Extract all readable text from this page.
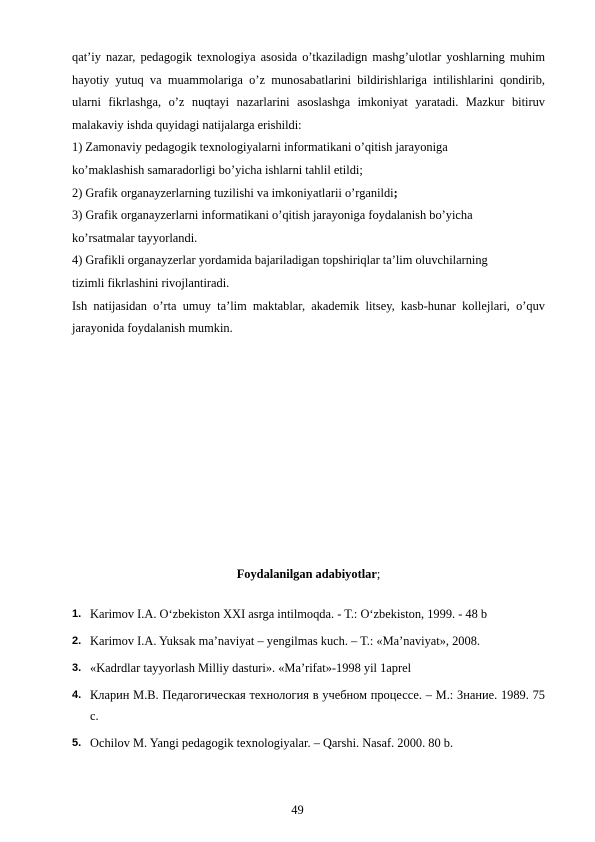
qat’iy nazar, pedagogik texnologiya asosida o’tkaziladign mashg’ulotlar yoshlarning muhim hayotiy yutuq va muammolariga o’z munosabatlarini bildirishlariga intilishlarini qondirib, ularni fikrlashga, o’z nuqtayi nazarlarini asoslashga imkoniyat yaratadi. Mazkur bitiruv malakaviy ishda quyidagi natijalarga erishildi:

1) Zamonaviy pedagogik texnologiyalarni informatikani o’qitish jarayoniga

ko’maklashish samaradorligi bo’yicha ishlarni tahlil etildi;

2) Grafik organayzerlarning tuzilishi va imkoniyatlarii o’rganildi;

3) Grafik organayzerlarni informatikani o’qitish jarayoniga foydalanish bo’yicha

ko’rsatmalar tayyorlandi.

4) Grafikli organayzerlar yordamida bajariladigan topshiriqlar ta’lim oluvchilarning

tizimli fikrlashini rivojlantiradi.

Ish natijasidan o’rta umuy ta’lim maktablar, akademik litsey, kasb-hunar kollejlari, o’quv jarayonida foydalanish mumkin.

Foydalanilgan adabiyotlar;

1. Karimov I.A. O‘zbekiston XXI asrga intilmoqda. - T.: O‘zbekiston, 1999. - 48 b
2. Karimov I.A. Yuksak ma’naviyat – yengilmas kuch. – T.: «Ma’naviyat», 2008.
3. «Kadrdlar tayyorlash Milliy dasturi». «Ma’rifat»-1998 yil 1aprel
4. Кларин М.В. Педагогическая технология в учебном процессе. – М.: Знание. 1989. 75 с.
5. Ochilov M. Yangi pedagogik texnologiyalar. – Qarshi. Nasaf. 2000. 80 b.
49
